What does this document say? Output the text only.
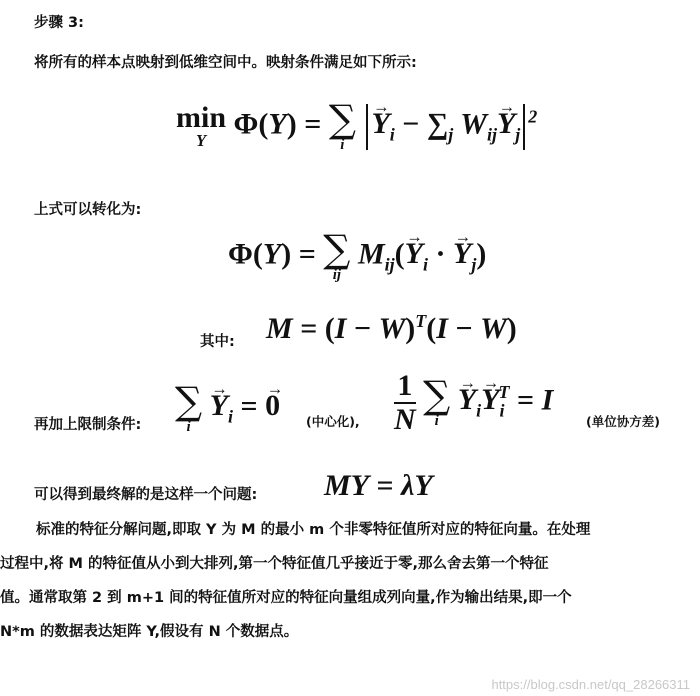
步骤 3:
将所有的样本点映射到低维空间中。映射条件满足如下所示:
min
Y
Φ(Y) = ∑
i
→ $Y_i - \sum_j$ $W_{ij}\to Y_j^2$
上式可以转化为:
Φ(Y) = ∑
ij
$M_{ij}(\to Y_i$ · → $Y_j$)
其中: $M = (I - W)^T(I - W)$
再加上限制条件:
∑
i
→ $Y_i$ = → 0 (中心化), $\frac{1}{N}$
∑
i
→ $Y_i\to Y_i^T = I$
(单位协方差)
可以得到最终解的是这样一个问题: MY = λY

标准的特征分解问题,即取 Y 为 M 的最小 m 个非零特征值所对应的特征向量。在处理

过程中,将 M 的特征值从小到大排列,第一个特征值几乎接近于零,那么舍去第一个特征

值。通常取第 2 到 m+1 间的特征值所对应的特征向量组成列向量,作为输出结果,即一个

N*m 的数据表达矩阵 Y,假设有 N 个数据点。

https://blog.csdn.net/qq_28266311
